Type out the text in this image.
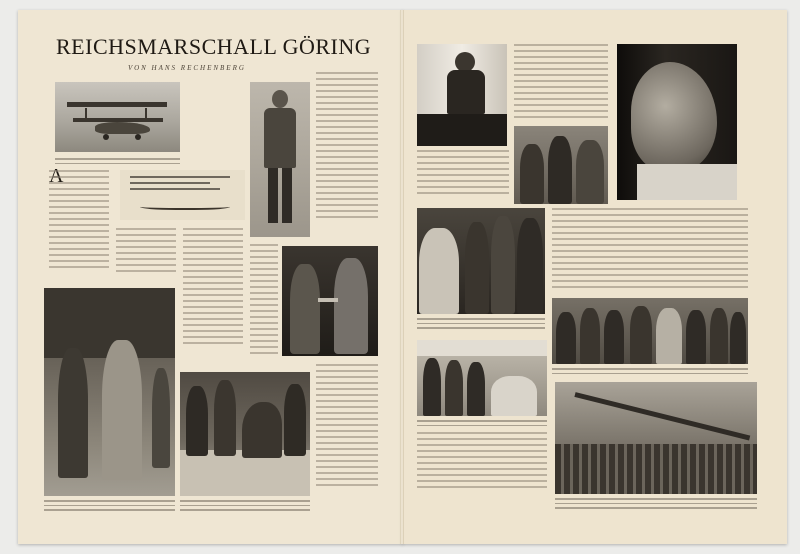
REICHSMARSCHALL GÖRING
VON HANS RECHENBERG
